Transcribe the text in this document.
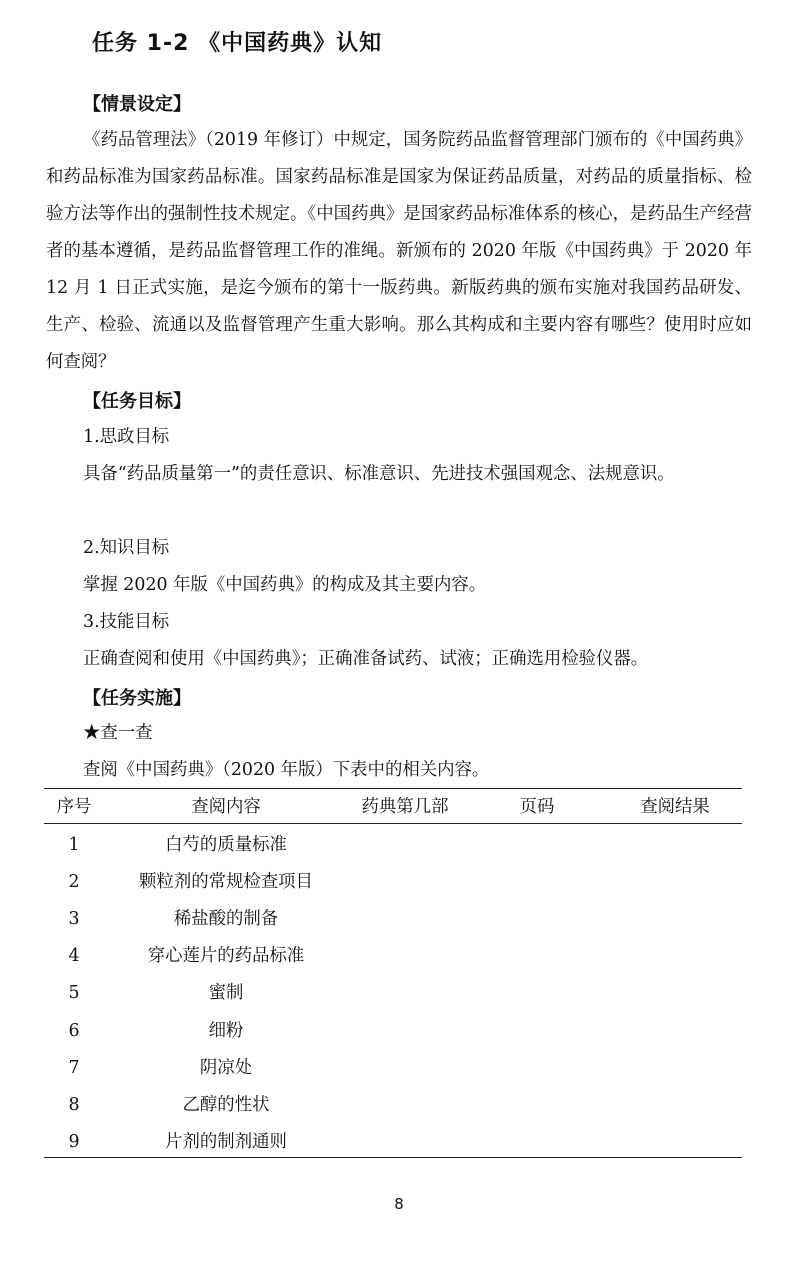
任务 1-2 《中国药典》认知
【情景设定】

《药品管理法》（2019 年修订）中规定，国务院药品监督管理部门颁布的《中国药典》和药品标准为国家药品标准。国家药品标准是国家为保证药品质量，对药品的质量指标、检验方法等作出的强制性技术规定。《中国药典》是国家药品标准体系的核心，是药品生产经营者的基本遵循，是药品监督管理工作的准绳。新颁布的 2020 年版《中国药典》于 2020 年 12 月 1 日正式实施，是迄今颁布的第十一版药典。新版药典的颁布实施对我国药品研发、生产、检验、流通以及监督管理产生重大影响。那么其构成和主要内容有哪些？使用时应如何查阅？

【任务目标】
1.思政目标

具备“药品质量第一”的责任意识、标准意识、先进技术强国观念、法规意识。

2.知识目标

掌握 2020 年版《中国药典》的构成及其主要内容。

3.技能目标

正确查阅和使用《中国药典》；正确准备试药、试液；正确选用检验仪器。

【任务实施】
★查一查
查阅《中国药典》（2020 年版）下表中的相关内容。
序号	查阅内容	药典第几部	页码	查阅结果
1	白芍的质量标准
2	颗粒剂的常规检查项目
3	稀盐酸的制备
4	穿心莲片的药品标准
5	蜜制
6	细粉
7	阴凉处
8	乙醇的性状
9	片剂的制剂通则
8
